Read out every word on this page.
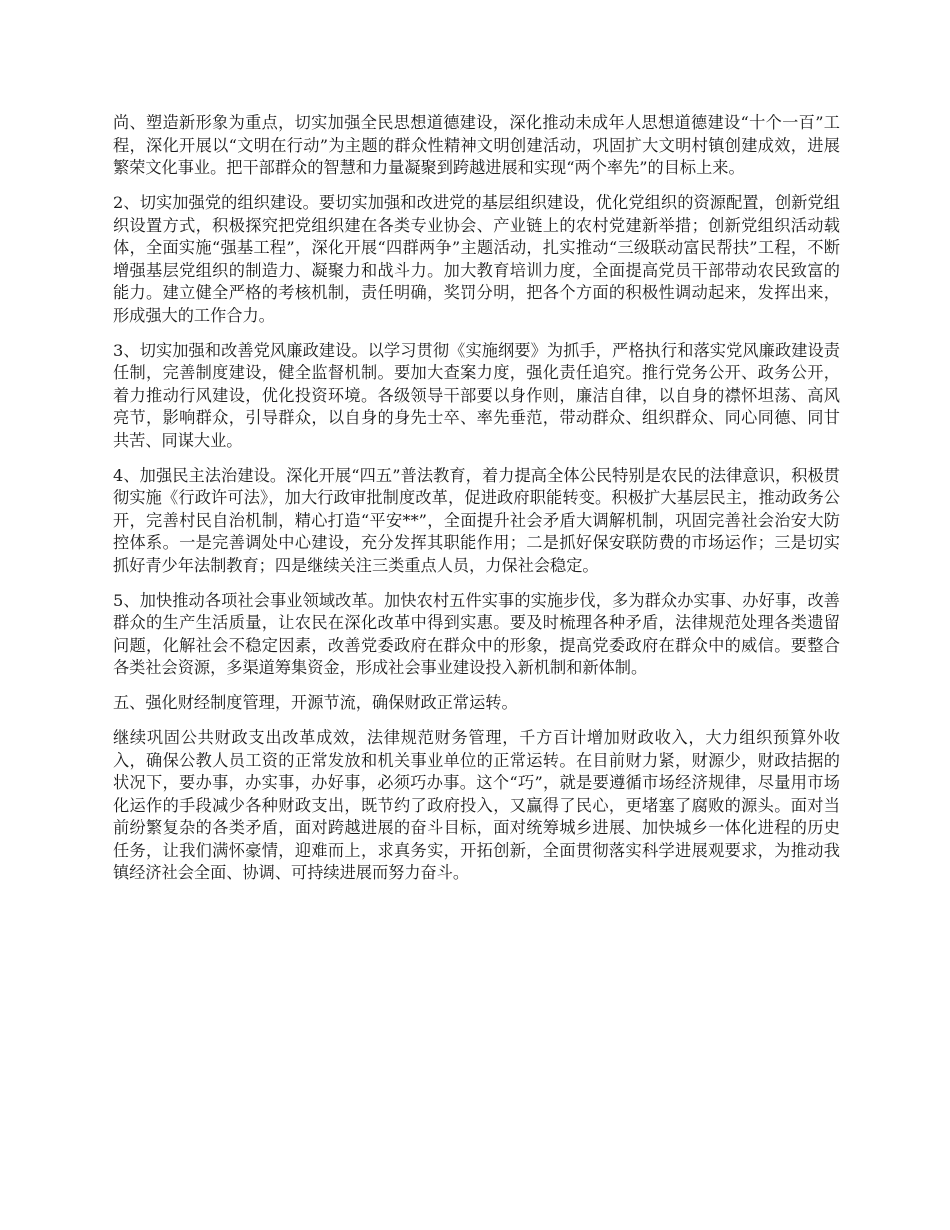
尚、塑造新形象为重点，切实加强全民思想道德建设，深化推动未成年人思想道德建设“十个一百”工程，深化开展以“文明在行动”为主题的群众性精神文明创建活动，巩固扩大文明村镇创建成效，进展繁荣文化事业。把干部群众的智慧和力量凝聚到跨越进展和实现“两个率先”的目标上来。

2、切实加强党的组织建设。要切实加强和改进党的基层组织建设，优化党组织的资源配置，创新党组织设置方式，积极探究把党组织建在各类专业协会、产业链上的农村党建新举措；创新党组织活动载体，全面实施“强基工程”，深化开展“四群两争”主题活动，扎实推动“三级联动富民帮扶”工程，不断增强基层党组织的制造力、凝聚力和战斗力。加大教育培训力度，全面提高党员干部带动农民致富的能力。建立健全严格的考核机制，责任明确，奖罚分明，把各个方面的积极性调动起来，发挥出来，形成强大的工作合力。

3、切实加强和改善党风廉政建设。以学习贯彻《实施纲要》为抓手，严格执行和落实党风廉政建设责任制，完善制度建设，健全监督机制。要加大查案力度，强化责任追究。推行党务公开、政务公开，着力推动行风建设，优化投资环境。各级领导干部要以身作则，廉洁自律，以自身的襟怀坦荡、高风亮节，影响群众，引导群众，以自身的身先士卒、率先垂范，带动群众、组织群众、同心同德、同甘共苦、同谋大业。

4、加强民主法治建设。深化开展“四五”普法教育，着力提高全体公民特别是农民的法律意识，积极贯彻实施《行政许可法》，加大行政审批制度改革，促进政府职能转变。积极扩大基层民主，推动政务公开，完善村民自治机制，精心打造“平安**”，全面提升社会矛盾大调解机制，巩固完善社会治安大防控体系。一是完善调处中心建设，充分发挥其职能作用；二是抓好保安联防费的市场运作；三是切实抓好青少年法制教育；四是继续关注三类重点人员，力保社会稳定。

5、加快推动各项社会事业领域改革。加快农村五件实事的实施步伐，多为群众办实事、办好事，改善群众的生产生活质量，让农民在深化改革中得到实惠。要及时梳理各种矛盾，法律规范处理各类遗留问题，化解社会不稳定因素，改善党委政府在群众中的形象，提高党委政府在群众中的威信。要整合各类社会资源，多渠道筹集资金，形成社会事业建设投入新机制和新体制。

五、强化财经制度管理，开源节流，确保财政正常运转。

继续巩固公共财政支出改革成效，法律规范财务管理，千方百计增加财政收入，大力组织预算外收入，确保公教人员工资的正常发放和机关事业单位的正常运转。在目前财力紧，财源少，财政拮据的状况下，要办事，办实事，办好事，必须巧办事。这个“巧”，就是要遵循市场经济规律，尽量用市场化运作的手段减少各种财政支出，既节约了政府投入，又赢得了民心，更堵塞了腐败的源头。面对当前纷繁复杂的各类矛盾，面对跨越进展的奋斗目标，面对统筹城乡进展、加快城乡一体化进程的历史任务，让我们满怀豪情，迎难而上，求真务实，开拓创新，全面贯彻落实科学进展观要求，为推动我镇经济社会全面、协调、可持续进展而努力奋斗。
